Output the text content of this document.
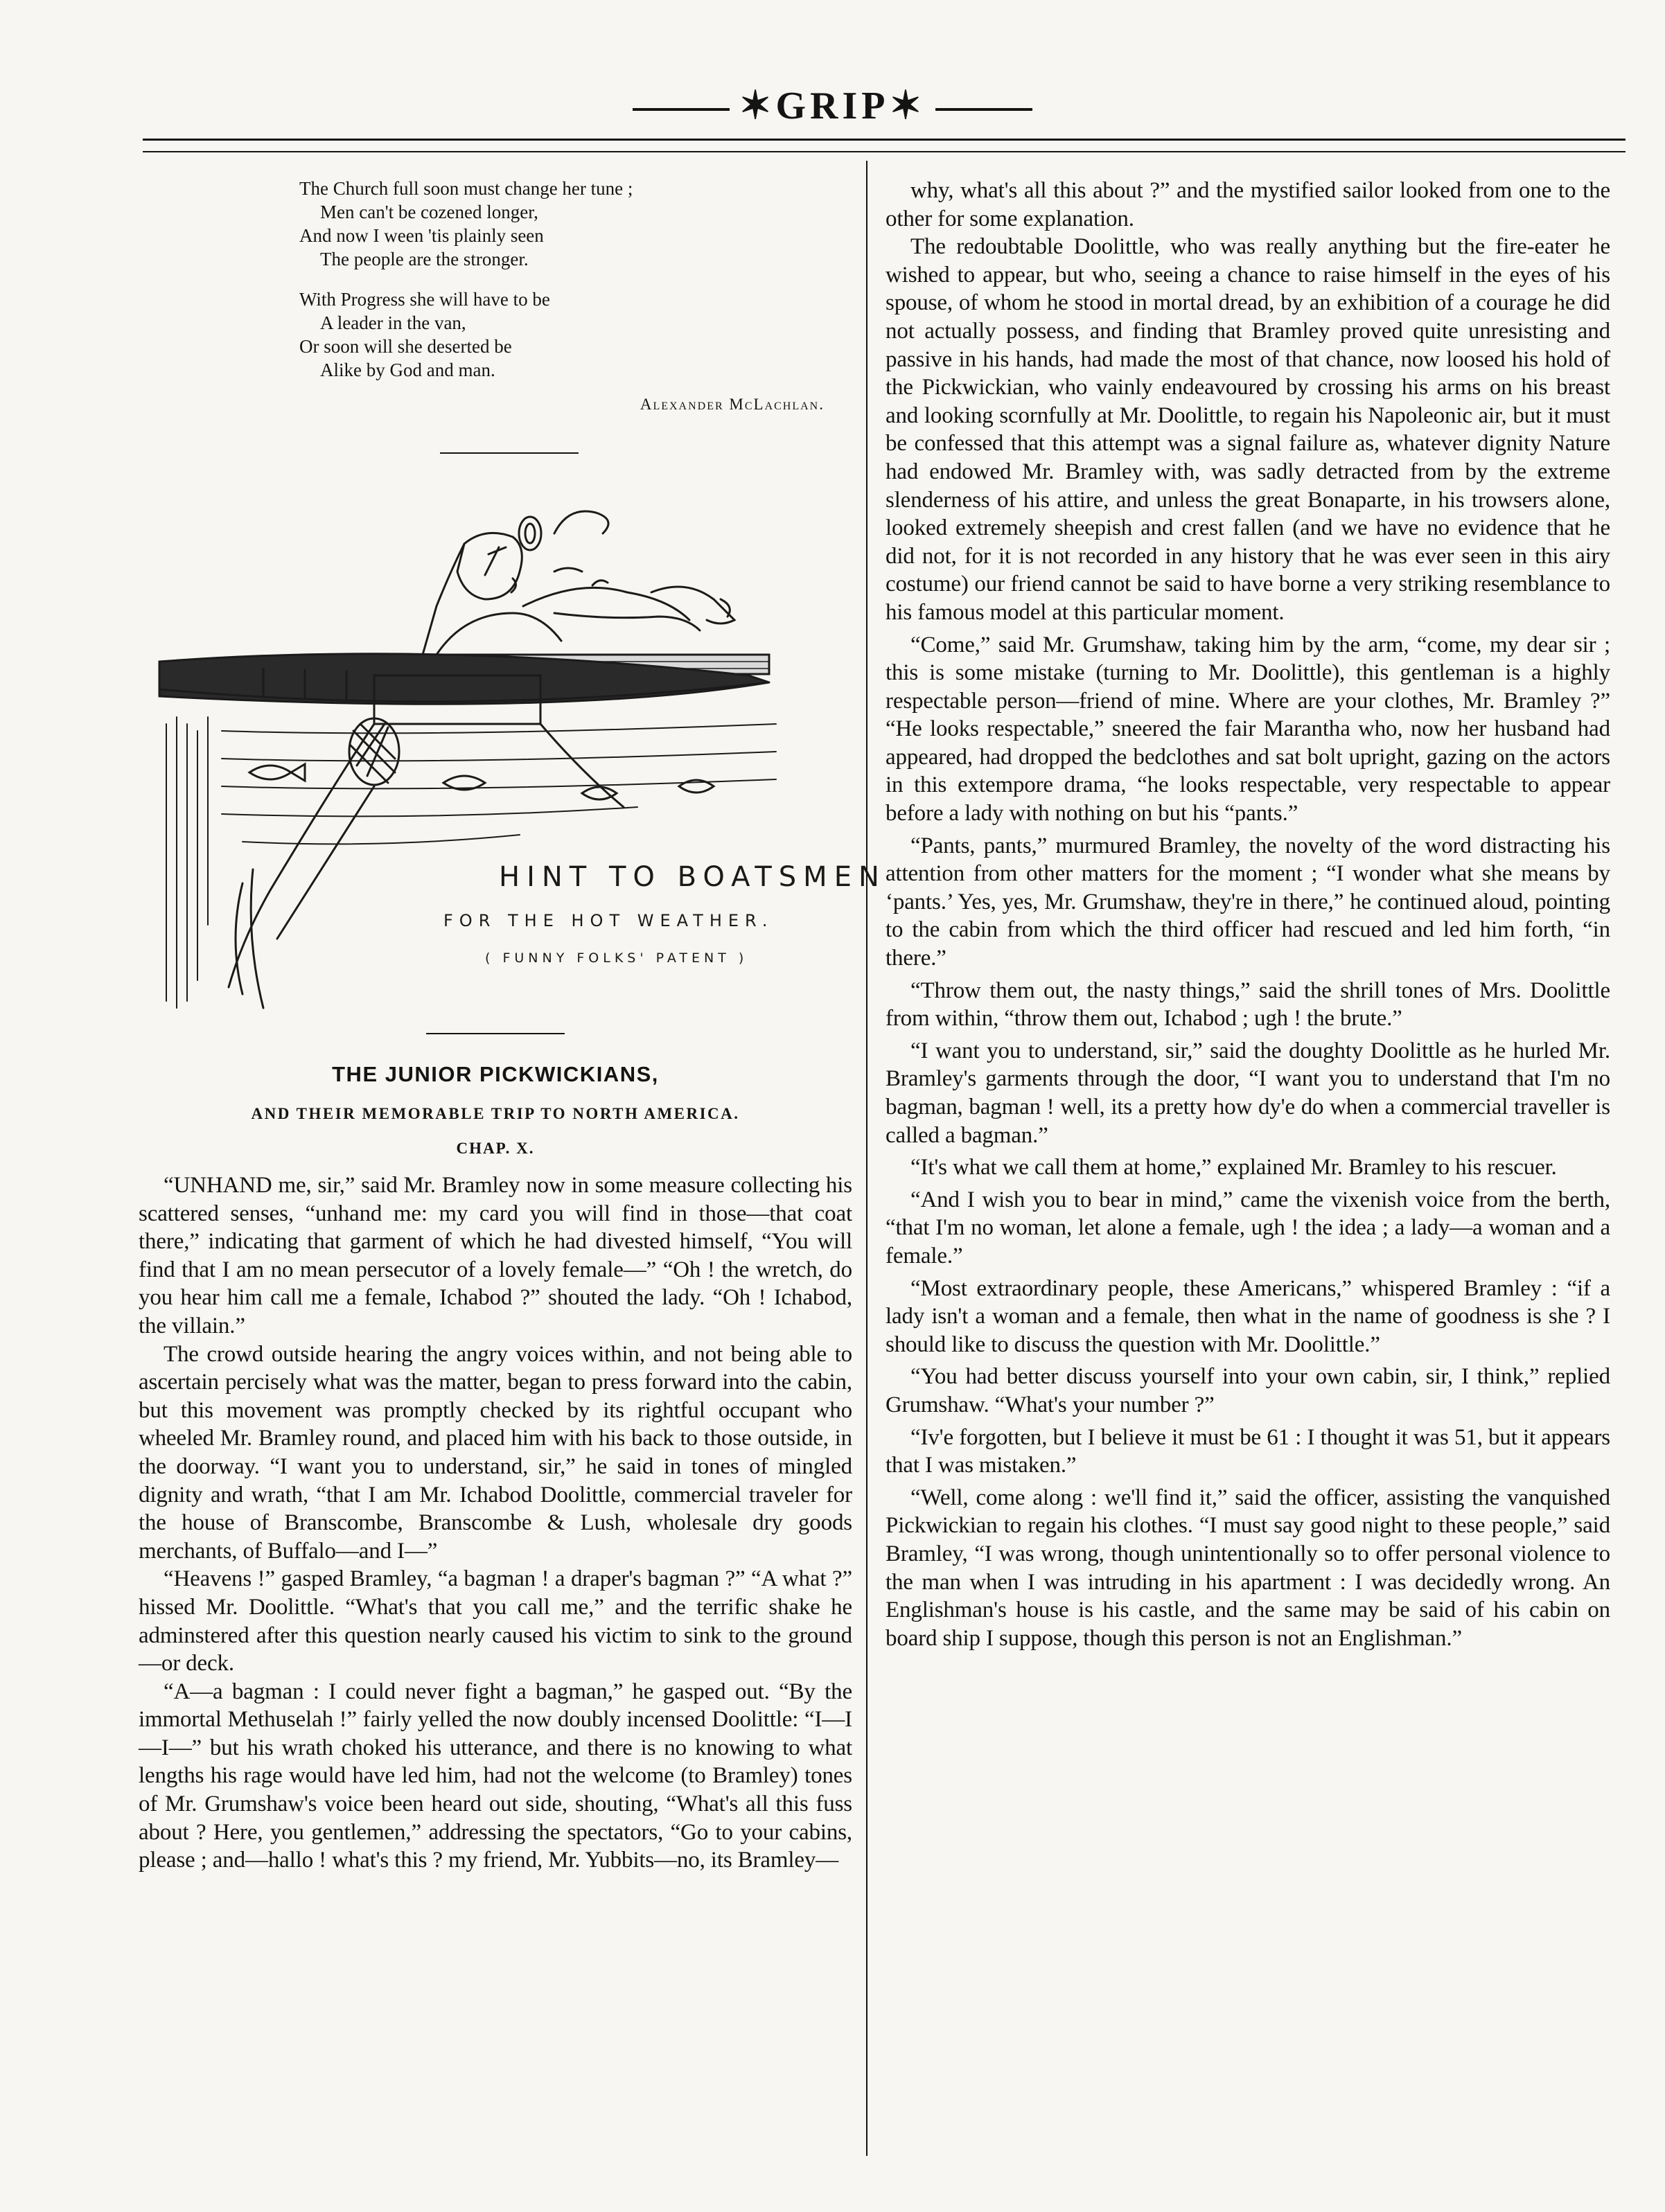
✶GRIP✶
The Church full soon must change her tune ;
Men can't be cozened longer,
And now I ween 'tis plainly seen
The people are the stronger.
With Progress she will have to be
A leader in the van,
Or soon will she deserted be
Alike by God and man.
Alexander McLachlan.
HINT TO BOATSMEN
FOR THE HOT WEATHER.
( FUNNY FOLKS' PATENT )
THE JUNIOR PICKWICKIANS,
AND THEIR MEMORABLE TRIP TO NORTH AMERICA.
CHAP. X.

“UNHAND me, sir,” said Mr. Bramley now in some measure collecting his scattered senses, “unhand me: my card you will find in those—that coat there,” indicating that garment of which he had divested himself, “You will find that I am no mean persecutor of a lovely female—” “Oh ! the wretch, do you hear him call me a female, Ichabod ?” shouted the lady. “Oh ! Ichabod, the villain.”

The crowd outside hearing the angry voices within, and not being able to ascertain percisely what was the matter, began to press forward into the cabin, but this movement was promptly checked by its rightful occupant who wheeled Mr. Bramley round, and placed him with his back to those outside, in the doorway. “I want you to understand, sir,” he said in tones of mingled dignity and wrath, “that I am Mr. Ichabod Doolittle, commercial traveler for the house of Branscombe, Branscombe & Lush, wholesale dry goods merchants, of Buffalo—and I—”

“Heavens !” gasped Bramley, “a bagman ! a draper's bagman ?” “A what ?” hissed Mr. Doolittle. “What's that you call me,” and the terrific shake he adminstered after this question nearly caused his victim to sink to the ground—or deck.

“A—a bagman : I could never fight a bagman,” he gasped out. “By the immortal Methuselah !” fairly yelled the now doubly incensed Doolittle: “I—I—I—” but his wrath choked his utterance, and there is no knowing to what lengths his rage would have led him, had not the welcome (to Bramley) tones of Mr. Grumshaw's voice been heard out side, shouting, “What's all this fuss about ? Here, you gentlemen,” addressing the spectators, “Go to your cabins, please ; and—hallo ! what's this ? my friend, Mr. Yubbits—no, its Bramley—

why, what's all this about ?” and the mystified sailor looked from one to the other for some explanation.

The redoubtable Doolittle, who was really anything but the fire-eater he wished to appear, but who, seeing a chance to raise himself in the eyes of his spouse, of whom he stood in mortal dread, by an exhibition of a courage he did not actually possess, and finding that Bramley proved quite unresisting and passive in his hands, had made the most of that chance, now loosed his hold of the Pickwickian, who vainly endeavoured by crossing his arms on his breast and looking scornfully at Mr. Doolittle, to regain his Napoleonic air, but it must be confessed that this attempt was a signal failure as, whatever dignity Nature had endowed Mr. Bramley with, was sadly detracted from by the extreme slenderness of his attire, and unless the great Bonaparte, in his trowsers alone, looked extremely sheepish and crest fallen (and we have no evidence that he did not, for it is not recorded in any history that he was ever seen in this airy costume) our friend cannot be said to have borne a very striking resemblance to his famous model at this particular moment.

“Come,” said Mr. Grumshaw, taking him by the arm, “come, my dear sir ; this is some mistake (turning to Mr. Doolittle), this gentleman is a highly respectable person—friend of mine. Where are your clothes, Mr. Bramley ?” “He looks respectable,” sneered the fair Marantha who, now her husband had appeared, had dropped the bedclothes and sat bolt upright, gazing on the actors in this extempore drama, “he looks respectable, very respectable to appear before a lady with nothing on but his “pants.”

“Pants, pants,” murmured Bramley, the novelty of the word distracting his attention from other matters for the moment ; “I wonder what she means by ‘pants.’ Yes, yes, Mr. Grumshaw, they're in there,” he continued aloud, pointing to the cabin from which the third officer had rescued and led him forth, “in there.”

“Throw them out, the nasty things,” said the shrill tones of Mrs. Doolittle from within, “throw them out, Ichabod ; ugh ! the brute.”

“I want you to understand, sir,” said the doughty Doolittle as he hurled Mr. Bramley's garments through the door, “I want you to understand that I'm no bagman, bagman ! well, its a pretty how dy'e do when a commercial traveller is called a bagman.”

“It's what we call them at home,” explained Mr. Bramley to his rescuer.

“And I wish you to bear in mind,” came the vixenish voice from the berth, “that I'm no woman, let alone a female, ugh ! the idea ; a lady—a woman and a female.”

“Most extraordinary people, these Americans,” whispered Bramley : “if a lady isn't a woman and a female, then what in the name of goodness is she ? I should like to discuss the question with Mr. Doolittle.”

“You had better discuss yourself into your own cabin, sir, I think,” replied Grumshaw. “What's your number ?”

“Iv'e forgotten, but I believe it must be 61 : I thought it was 51, but it appears that I was mistaken.”

“Well, come along : we'll find it,” said the officer, assisting the vanquished Pickwickian to regain his clothes. “I must say good night to these people,” said Bramley, “I was wrong, though unintentionally so to offer personal violence to the man when I was intruding in his apartment : I was decidedly wrong. An Englishman's house is his castle, and the same may be said of his cabin on board ship I suppose, though this person is not an Englishman.”
